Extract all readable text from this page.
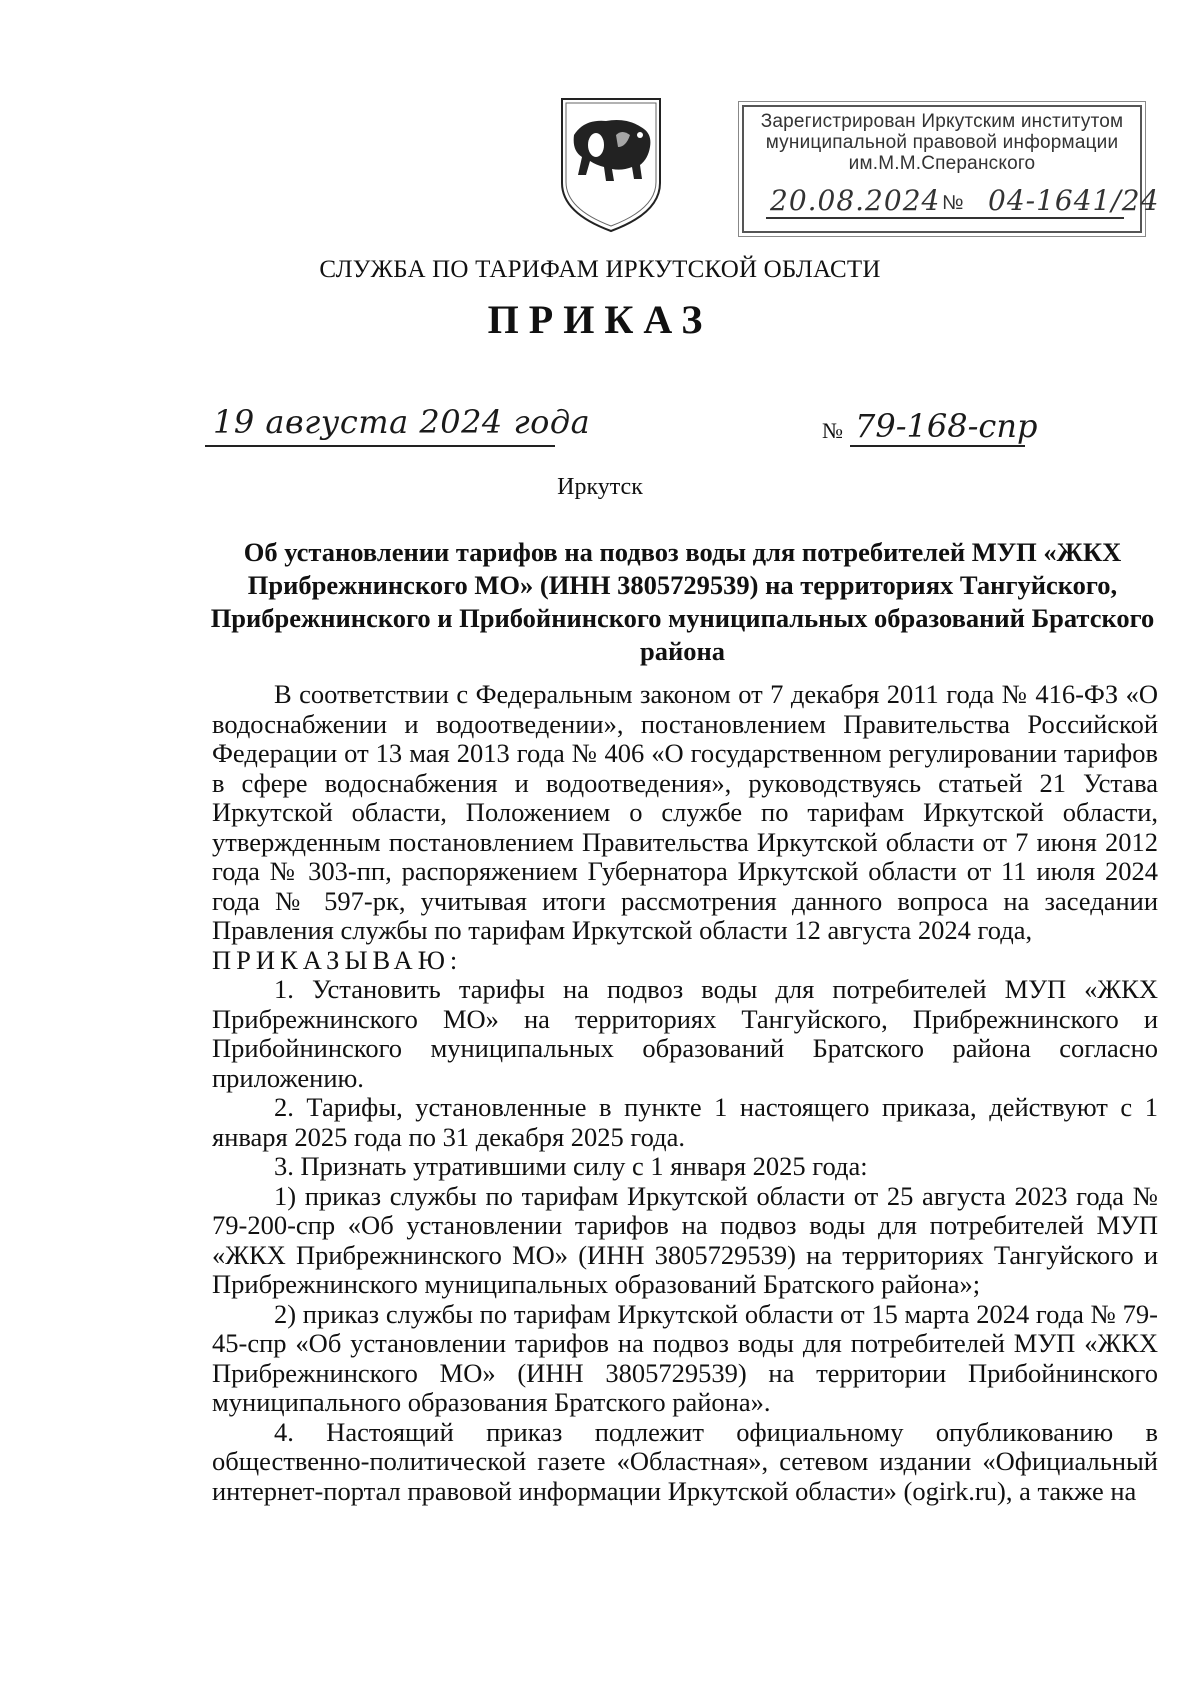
Зарегистрирован Иркутским институтом
муниципальной правовой информации
им.М.М.Сперанского
20.08.2024 № 04-1641/24
СЛУЖБА ПО ТАРИФАМ ИРКУТСКОЙ ОБЛАСТИ
ПРИКАЗ
19 августа 2024 года	№ 79-168-спр
Иркутск
Об установлении тарифов на подвоз воды для потребителей МУП «ЖКХ Прибрежнинского МО» (ИНН 3805729539) на территориях Тангуйского, Прибрежнинского и Прибойнинского муниципальных образований Братского района

В соответствии с Федеральным законом от 7 декабря 2011 года № 416-ФЗ «О водоснабжении и водоотведении», постановлением Правительства Российской Федерации от 13 мая 2013 года № 406 «О государственном регулировании тарифов в сфере водоснабжения и водоотведения», руководствуясь статьей 21 Устава Иркутской области, Положением о службе по тарифам Иркутской области, утвержденным постановлением Правительства Иркутской области от 7 июня 2012 года № 303-пп, распоряжением Губернатора Иркутской области от 11 июля 2024 года № 597-рк, учитывая итоги рассмотрения данного вопроса на заседании Правления службы по тарифам Иркутской области 12 августа 2024 года,

ПРИКАЗЫВАЮ:

1. Установить тарифы на подвоз воды для потребителей МУП «ЖКХ Прибрежнинского МО» на территориях Тангуйского, Прибрежнинского и Прибойнинского муниципальных образований Братского района согласно приложению.

2. Тарифы, установленные в пункте 1 настоящего приказа, действуют с 1 января 2025 года по 31 декабря 2025 года.

3. Признать утратившими силу с 1 января 2025 года:

1) приказ службы по тарифам Иркутской области от 25 августа 2023 года № 79-200-спр «Об установлении тарифов на подвоз воды для потребителей МУП «ЖКХ Прибрежнинского МО» (ИНН 3805729539) на территориях Тангуйского и Прибрежнинского муниципальных образований Братского района»;

2) приказ службы по тарифам Иркутской области от 15 марта 2024 года № 79-45-спр «Об установлении тарифов на подвоз воды для потребителей МУП «ЖКХ Прибрежнинского МО» (ИНН 3805729539) на территории Прибойнинского муниципального образования Братского района».

4. Настоящий приказ подлежит официальному опубликованию в общественно-политической газете «Областная», сетевом издании «Официальный интернет-портал правовой информации Иркутской области» (ogirk.ru), а также на
